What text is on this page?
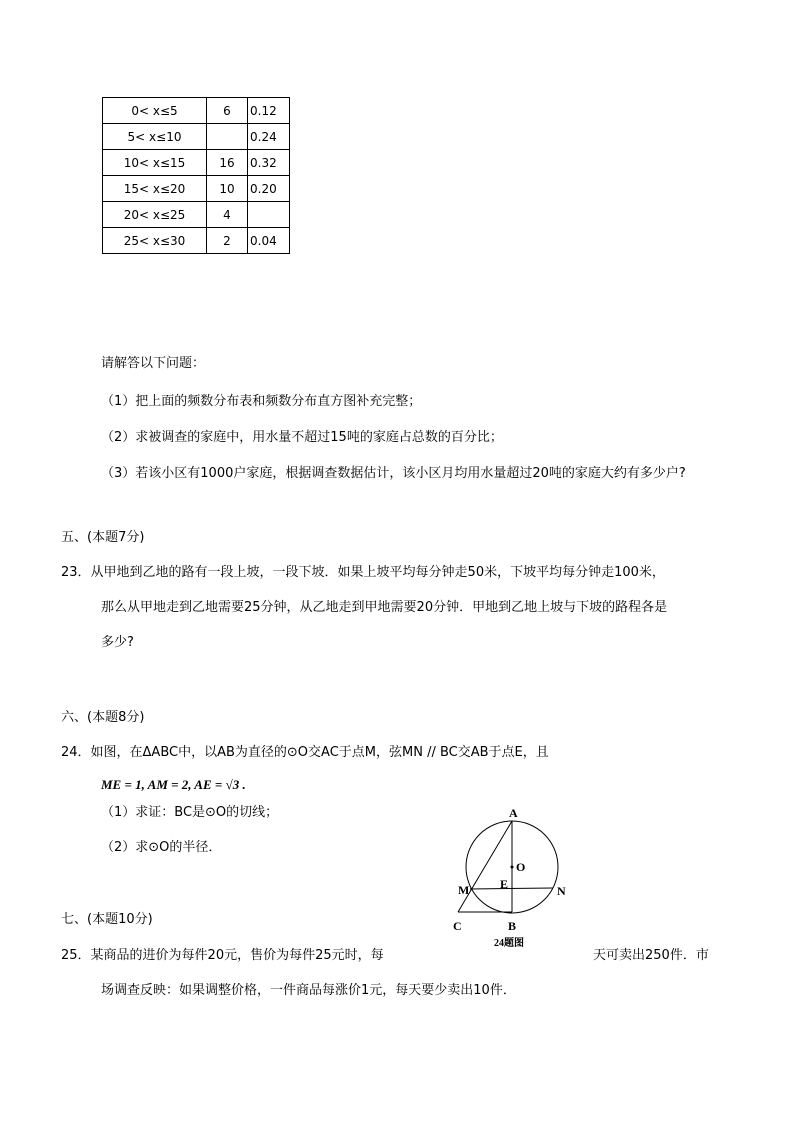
0< x≤5	6	0.12
5< x≤10		0.24
10< x≤15	16	0.32
15< x≤20	10	0.20
20< x≤25	4	
25< x≤30	2	0.04
请解答以下问题：
（1）把上面的频数分布表和频数分布直方图补充完整；
（2）求被调查的家庭中，用水量不超过15吨的家庭占总数的百分比；
（3）若该小区有1000户家庭，根据调查数据估计，该小区月均用水量超过20吨的家庭大约有多少户?
五、(本题7分)
23．从甲地到乙地的路有一段上坡，一段下坡．如果上坡平均每分钟走50米，下坡平均每分钟走100米，
那么从甲地走到乙地需要25分钟，从乙地走到甲地需要20分钟．甲地到乙地上坡与下坡的路程各是
多少?
六、(本题8分)
24．如图，在ΔABC中，以AB为直径的⊙O交AC于点M，弦MN // BC交AB于点E，且
ME = 1, AM = 2, AE = √3 .
（1）求证：BC是⊙O的切线；
（2）求⊙O的半径．
A
O
E
M	N
C	B
24题图
七、(本题10分)
25．某商品的进价为每件20元，售价为每件25元时，每	天可卖出250件．市
场调查反映：如果调整价格，一件商品每涨价1元，每天要少卖出10件．
